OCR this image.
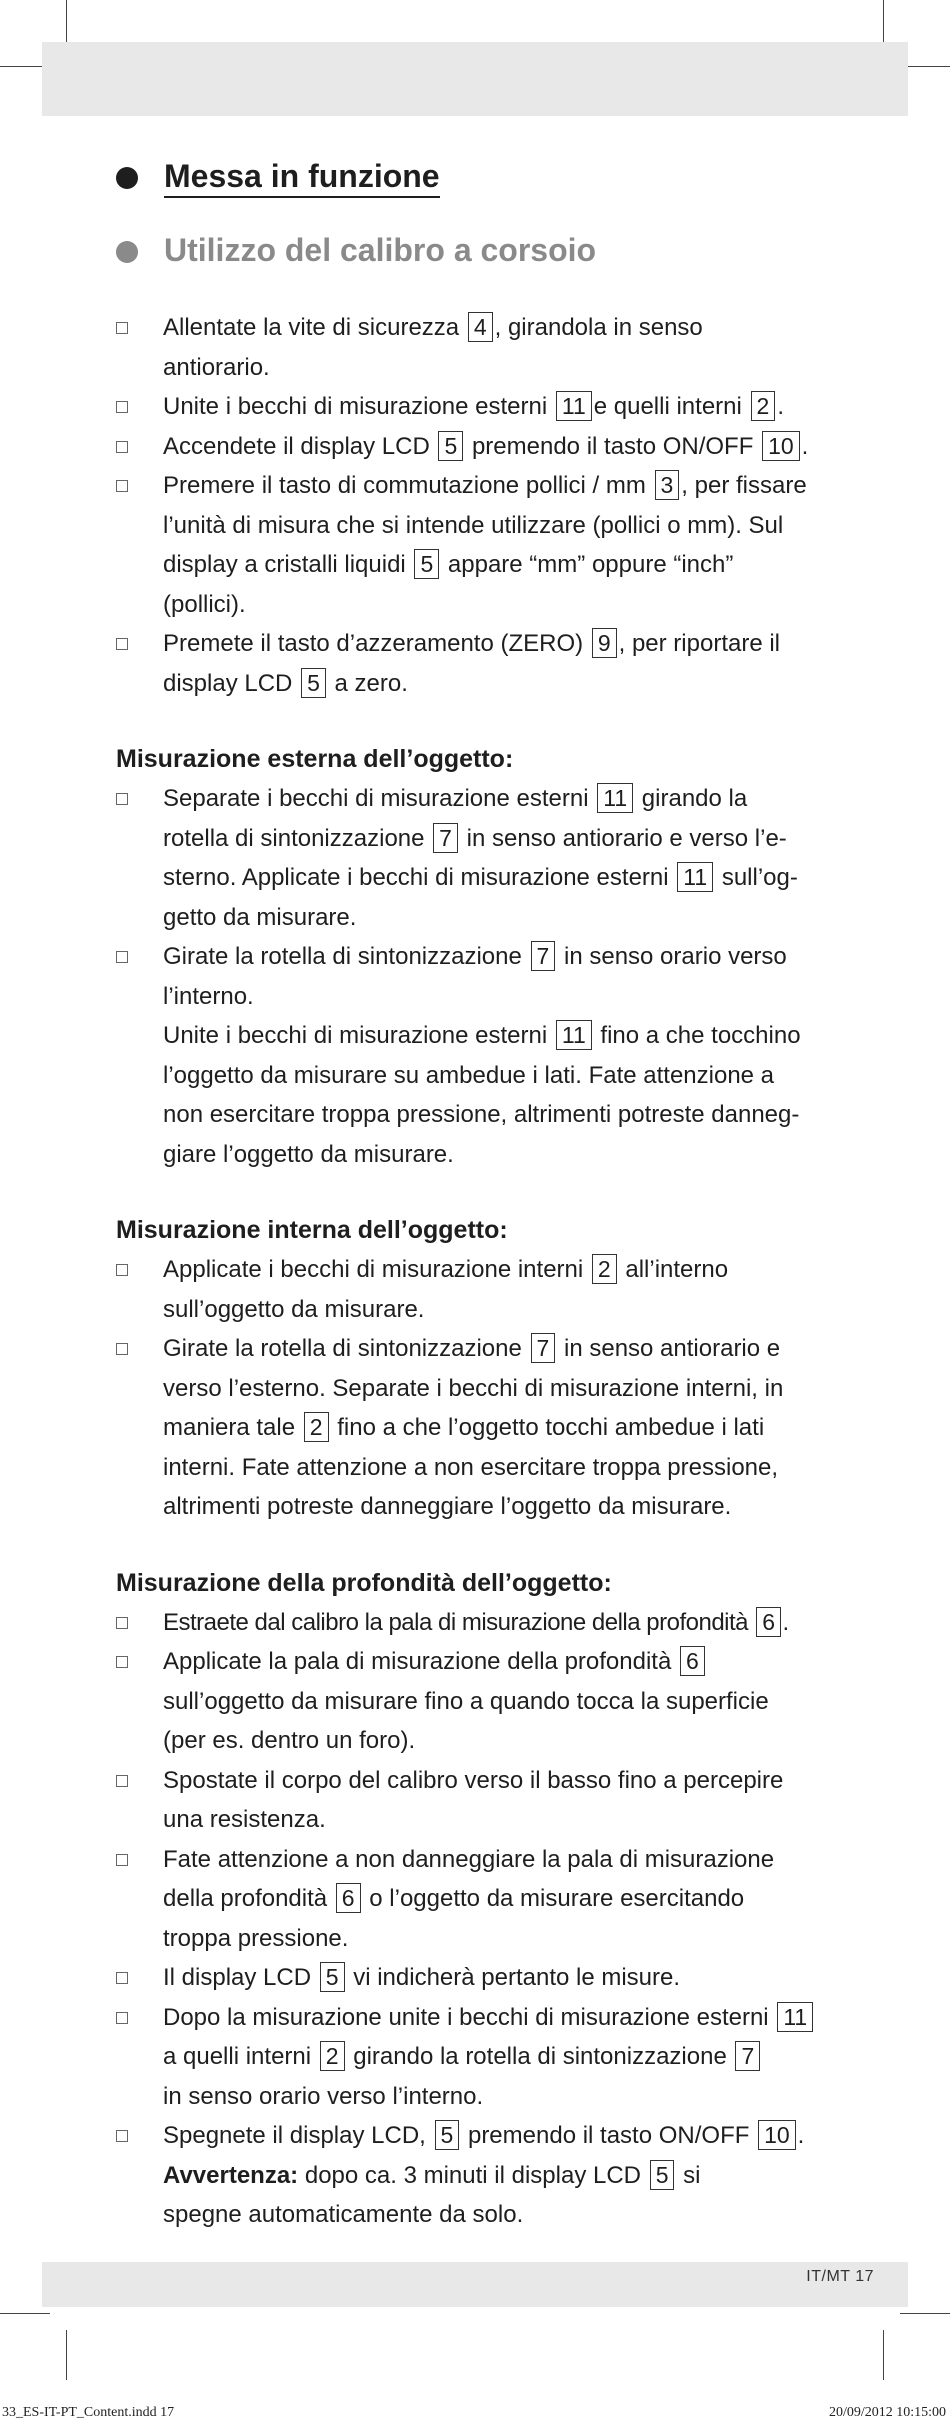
Messa in funzione
Utilizzo del calibro a corsoio
Allentate la vite di sicurezza 4 , girandola in senso
antiorario.
Unite i becchi di misurazione esterni 11 e quelli interni 2 .
Accendete il display LCD 5 premendo il tasto ON/OFF 10 .
Premere il tasto di commutazione pollici / mm 3 , per fissare
l’unità di misura che si intende utilizzare (pollici o mm). Sul
display a cristalli liquidi 5 appare “mm” oppure “inch”
(pollici).
Premete il tasto d’azzeramento (ZERO) 9 , per riportare il
display LCD 5 a zero.
Misurazione esterna dell’oggetto:
Separate i becchi di misurazione esterni 11 girando la
rotella di sintonizzazione 7 in senso antiorario e verso l’e-
sterno. Applicate i becchi di misurazione esterni 11 sull’og-
getto da misurare.
Girate la rotella di sintonizzazione 7 in senso orario verso
l’interno.
Unite i becchi di misurazione esterni 11 fino a che tocchino
l’oggetto da misurare su ambedue i lati. Fate attenzione a
non esercitare troppa pressione, altrimenti potreste danneg-
giare l’oggetto da misurare.
Misurazione interna dell’oggetto:
Applicate i becchi di misurazione interni 2 all’interno
sull’oggetto da misurare.
Girate la rotella di sintonizzazione 7 in senso antiorario e
verso l’esterno. Separate i becchi di misurazione interni, in
maniera tale 2 fino a che l’oggetto tocchi ambedue i lati
interni. Fate attenzione a non esercitare troppa pressione,
altrimenti potreste danneggiare l’oggetto da misurare.
Misurazione della profondità dell’oggetto:
Estraete dal calibro la pala di misurazione della profondità 6 .
Applicate la pala di misurazione della profondità 6
sull’oggetto da misurare fino a quando tocca la superficie
(per es. dentro un foro).
Spostate il corpo del calibro verso il basso fino a percepire
una resistenza.
Fate attenzione a non danneggiare la pala di misurazione
della profondità 6 o l’oggetto da misurare esercitando
troppa pressione.
Il display LCD 5 vi indicherà pertanto le misure.
Dopo la misurazione unite i becchi di misurazione esterni 11
a quelli interni 2 girando la rotella di sintonizzazione 7
in senso orario verso l’interno.
Spegnete il display LCD, 5 premendo il tasto ON/OFF 10 .
Avvertenza: dopo ca. 3 minuti il display LCD 5 si
spegne automaticamente da solo.
IT/MT 17
33_ES-IT-PT_Content.indd 17	20/09/2012 10:15:00
